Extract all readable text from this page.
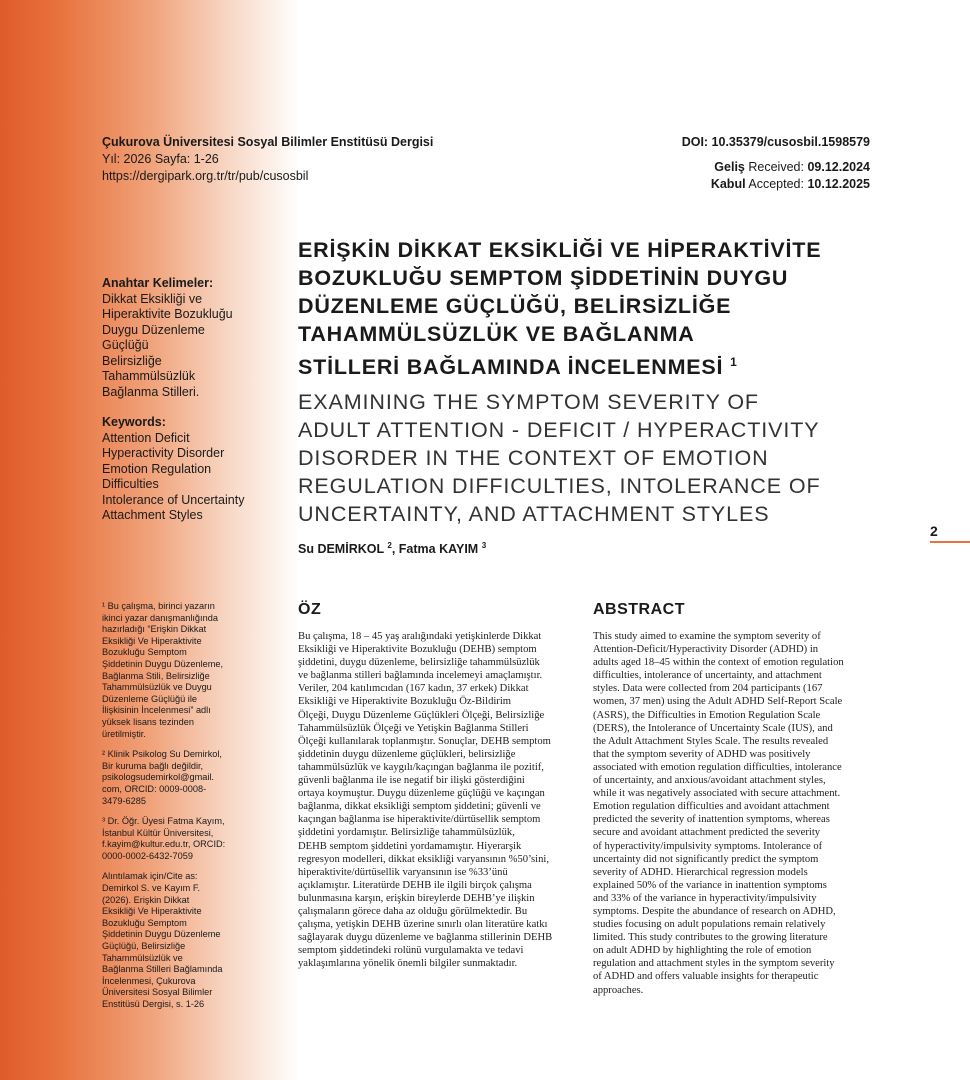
Çukurova Üniversitesi Sosyal Bilimler Enstitüsü Dergisi
Yıl: 2026 Sayfa: 1-26
https://dergipark.org.tr/tr/pub/cusosbil
DOI: 10.35379/cusosbil.1598579
Geliş Received: 09.12.2024
Kabul Accepted: 10.12.2025
Anahtar Kelimeler:
Dikkat Eksikliği ve
Hiperaktivite Bozukluğu
Duygu Düzenleme
Güçlüğü
Belirsizliğe
Tahammülsüzlük
Bağlanma Stilleri.
Keywords:
Attention Deficit
Hyperactivity Disorder
Emotion Regulation
Difficulties
Intolerance of Uncertainty
Attachment Styles
ERİŞKİN DİKKAT EKSİKLİĞİ VE HİPERAKTİVİTE
BOZUKLUĞU SEMPTOM ŞİDDETİNİN DUYGU
DÜZENLEME GÜÇLÜĞÜ, BELİRSİZLİĞE
TAHAMMÜLSÜZLÜK VE BAĞLANMA
STİLLERİ BAĞLAMINDA İNCELENMESİ $^1$
EXAMINING THE SYMPTOM SEVERITY OF
ADULT ATTENTION - DEFICIT / HYPERACTIVITY
DISORDER IN THE CONTEXT OF EMOTION
REGULATION DIFFICULTIES, INTOLERANCE OF
UNCERTAINTY, AND ATTACHMENT STYLES
Su DEMİRKOL $^2$, Fatma KAYIM $^3$
2
¹ Bu çalışma, birinci yazarın
ikinci yazar danışmanlığında
hazırladığı “Erişkin Dikkat
Eksikliği Ve Hiperaktivite
Bozukluğu Semptom
Şiddetinin Duygu Düzenleme,
Bağlanma Stili, Belirsizliğe
Tahammülsüzlük ve Duygu
Düzenleme Güçlüğü ile
İlişkisinin İncelenmesi” adlı
yüksek lisans tezinden
üretilmiştir.
² Klinik Psikolog Su Demirkol,
Bir kuruma bağlı değildir,
psikologsudemirkol@gmail.
com, ORCID: 0009-0008-
3479-6285
³ Dr. Öğr. Üyesi Fatma Kayım,
İstanbul Kültür Üniversitesi,
f.kayim@kultur.edu.tr, ORCID:
0000-0002-6432-7059
Alıntılamak için/Cite as:
Demirkol S. ve Kayım F.
(2026). Erişkin Dikkat
Eksikliği Ve Hiperaktivite
Bozukluğu Semptom
Şiddetinin Duygu Düzenleme
Güçlüğü, Belirsizliğe
Tahammülsüzlük ve
Bağlanma Stilleri Bağlamında
İncelenmesi, Çukurova
Üniversitesi Sosyal Bilimler
Enstitüsü Dergisi, s. 1-26
ÖZ
Bu çalışma, 18 – 45 yaş aralığındaki yetişkinlerde Dikkat
Eksikliği ve Hiperaktivite Bozukluğu (DEHB) semptom
şiddetini, duygu düzenleme, belirsizliğe tahammülsüzlük
ve bağlanma stilleri bağlamında incelemeyi amaçlamıştır.
Veriler, 204 katılımcıdan (167 kadın, 37 erkek) Dikkat
Eksikliği ve Hiperaktivite Bozukluğu Öz-Bildirim
Ölçeği, Duygu Düzenleme Güçlükleri Ölçeği, Belirsizliğe
Tahammülsüzlük Ölçeği ve Yetişkin Bağlanma Stilleri
Ölçeği kullanılarak toplanmıştır. Sonuçlar, DEHB semptom
şiddetinin duygu düzenleme güçlükleri, belirsizliğe
tahammülsüzlük ve kaygılı/kaçıngan bağlanma ile pozitif,
güvenli bağlanma ile ise negatif bir ilişki gösterdiğini
ortaya koymuştur. Duygu düzenleme güçlüğü ve kaçıngan
bağlanma, dikkat eksikliği semptom şiddetini; güvenli ve
kaçıngan bağlanma ise hiperaktivite/dürtüsellik semptom
şiddetini yordamıştır. Belirsizliğe tahammülsüzlük,
DEHB semptom şiddetini yordamamıştır. Hiyerarşik
regresyon modelleri, dikkat eksikliği varyansının %50’sini,
hiperaktivite/dürtüsellik varyansının ise %33’ünü
açıklamıştır. Literatürde DEHB ile ilgili birçok çalışma
bulunmasına karşın, erişkin bireylerde DEHB’ye ilişkin
çalışmaların görece daha az olduğu görülmektedir. Bu
çalışma, yetişkin DEHB üzerine sınırlı olan literatüre katkı
sağlayarak duygu düzenleme ve bağlanma stillerinin DEHB
semptom şiddetindeki rolünü vurgulamakta ve tedavi
yaklaşımlarına yönelik önemli bilgiler sunmaktadır.
ABSTRACT
This study aimed to examine the symptom severity of
Attention-Deficit/Hyperactivity Disorder (ADHD) in
adults aged 18–45 within the context of emotion regulation
difficulties, intolerance of uncertainty, and attachment
styles. Data were collected from 204 participants (167
women, 37 men) using the Adult ADHD Self-Report Scale
(ASRS), the Difficulties in Emotion Regulation Scale
(DERS), the Intolerance of Uncertainty Scale (IUS), and
the Adult Attachment Styles Scale. The results revealed
that the symptom severity of ADHD was positively
associated with emotion regulation difficulties, intolerance
of uncertainty, and anxious/avoidant attachment styles,
while it was negatively associated with secure attachment.
Emotion regulation difficulties and avoidant attachment
predicted the severity of inattention symptoms, whereas
secure and avoidant attachment predicted the severity
of hyperactivity/impulsivity symptoms. Intolerance of
uncertainty did not significantly predict the symptom
severity of ADHD. Hierarchical regression models
explained 50% of the variance in inattention symptoms
and 33% of the variance in hyperactivity/impulsivity
symptoms. Despite the abundance of research on ADHD,
studies focusing on adult populations remain relatively
limited. This study contributes to the growing literature
on adult ADHD by highlighting the role of emotion
regulation and attachment styles in the symptom severity
of ADHD and offers valuable insights for therapeutic
approaches.
